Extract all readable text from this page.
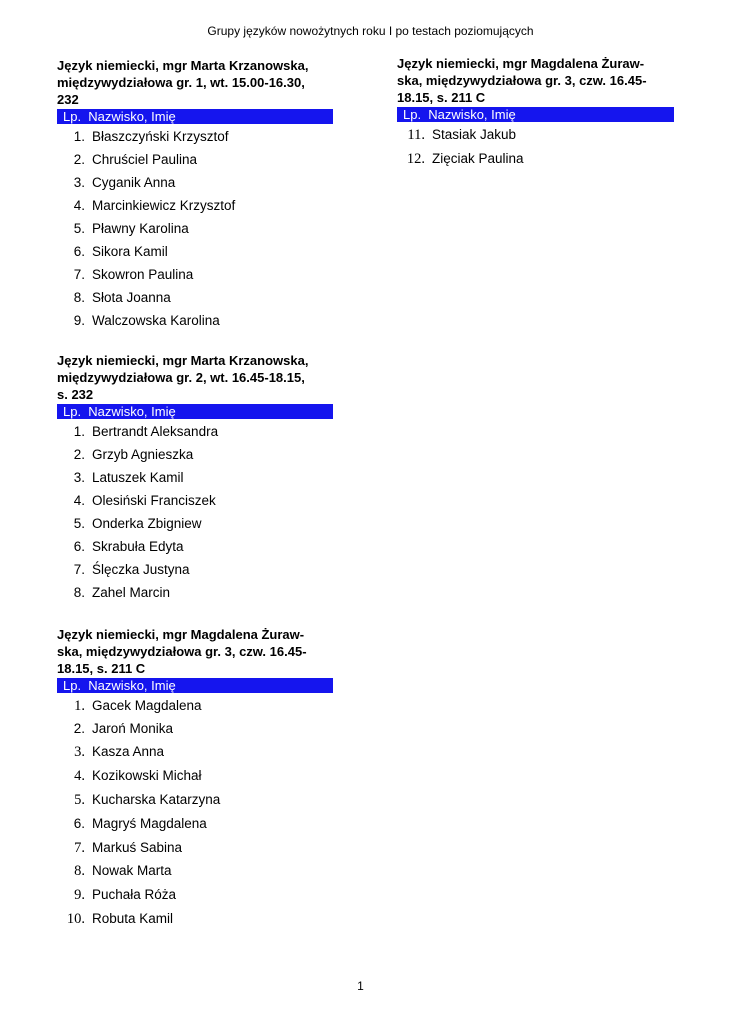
Grupy języków nowożytnych roku I po testach poziomujących
Język niemiecki, mgr Marta Krzanowska,
międzywydziałowa gr. 1, wt. 15.00-16.30,
232
Lp.  Nazwisko, Imię
1. Błaszczyński Krzysztof
2. Chruściel Paulina
3. Cyganik Anna
4. Marcinkiewicz Krzysztof
5. Pławny Karolina
6. Sikora Kamil
7. Skowron Paulina
8. Słota Joanna
9. Walczowska Karolina
Język niemiecki, mgr Marta Krzanowska,
międzywydziałowa gr. 2, wt. 16.45-18.15,
s. 232
Lp.  Nazwisko, Imię
1. Bertrandt Aleksandra
2. Grzyb Agnieszka
3. Latuszek Kamil
4. Olesiński Franciszek
5. Onderka Zbigniew
6. Skrabuła Edyta
7. Ślęczka Justyna
8. Zahel Marcin
Język niemiecki, mgr Magdalena Żuraw-
ska, międzywydziałowa gr. 3, czw. 16.45-
18.15, s. 211 C
Lp.  Nazwisko, Imię
1. Gacek Magdalena
2. Jaroń Monika
3. Kasza Anna
4. Kozikowski Michał
5. Kucharska Katarzyna
6. Magryś Magdalena
7. Markuś Sabina
8. Nowak Marta
9. Puchała Róża
10. Robuta Kamil
Język niemiecki, mgr Magdalena Żuraw-
ska, międzywydziałowa gr. 3, czw. 16.45-
18.15, s. 211 C
Lp.  Nazwisko, Imię
11. Stasiak Jakub
12. Zięciak Paulina
1
